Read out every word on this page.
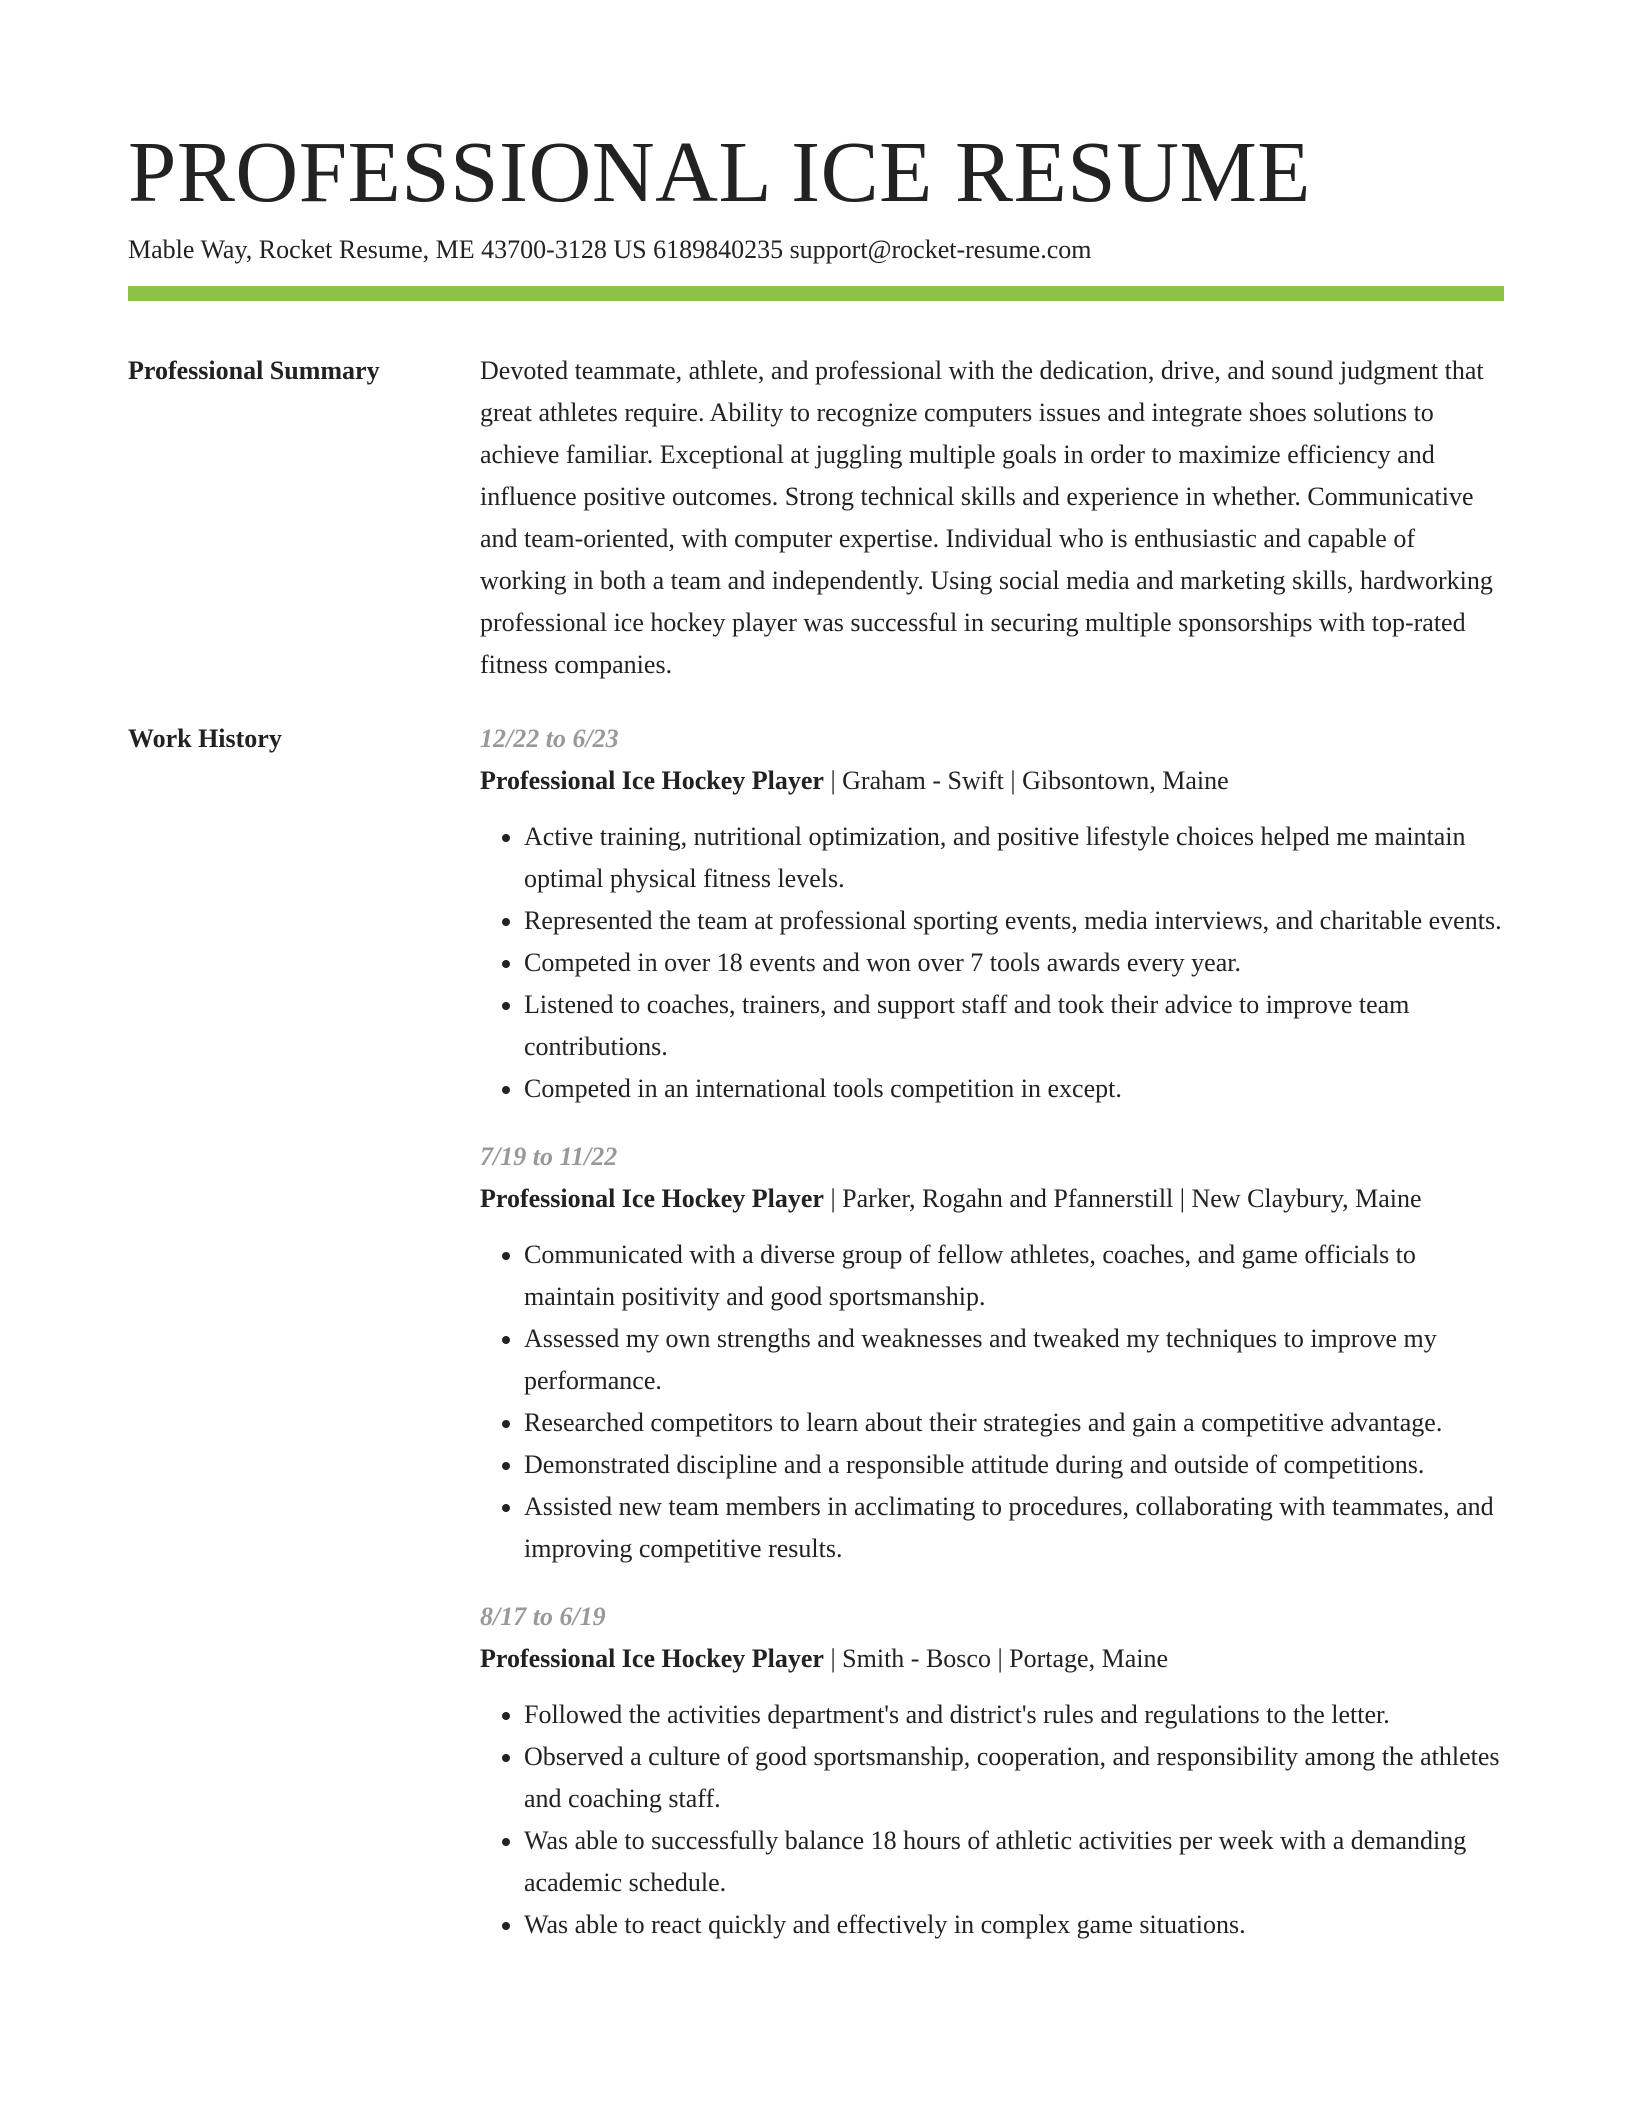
PROFESSIONAL ICE RESUME
Mable Way, Rocket Resume, ME 43700-3128 US 6189840235 support@rocket-resume.com
Professional Summary	Devoted teammate, athlete, and professional with the dedication, drive, and sound judgment that great athletes require. Ability to recognize computers issues and integrate shoes solutions to achieve familiar. Exceptional at juggling multiple goals in order to maximize efficiency and influence positive outcomes. Strong technical skills and experience in whether. Communicative and team-oriented, with computer expertise. Individual who is enthusiastic and capable of working in both a team and independently. Using social media and marketing skills, hardworking professional ice hockey player was successful in securing multiple sponsorships with top-rated fitness companies.

Work History	12/22 to 6/23
Professional Ice Hockey Player | Graham - Swift | Gibsontown, Maine
• Active training, nutritional optimization, and positive lifestyle choices helped me maintain optimal physical fitness levels.
• Represented the team at professional sporting events, media interviews, and charitable events.
• Competed in over 18 events and won over 7 tools awards every year.
• Listened to coaches, trainers, and support staff and took their advice to improve team contributions.
• Competed in an international tools competition in except.
7/19 to 11/22
Professional Ice Hockey Player | Parker, Rogahn and Pfannerstill | New Claybury, Maine
• Communicated with a diverse group of fellow athletes, coaches, and game officials to maintain positivity and good sportsmanship.
• Assessed my own strengths and weaknesses and tweaked my techniques to improve my performance.
• Researched competitors to learn about their strategies and gain a competitive advantage.
• Demonstrated discipline and a responsible attitude during and outside of competitions.
• Assisted new team members in acclimating to procedures, collaborating with teammates, and improving competitive results.
8/17 to 6/19
Professional Ice Hockey Player | Smith - Bosco | Portage, Maine
• Followed the activities department's and district's rules and regulations to the letter.
• Observed a culture of good sportsmanship, cooperation, and responsibility among the athletes and coaching staff.
• Was able to successfully balance 18 hours of athletic activities per week with a demanding academic schedule.
• Was able to react quickly and effectively in complex game situations.
